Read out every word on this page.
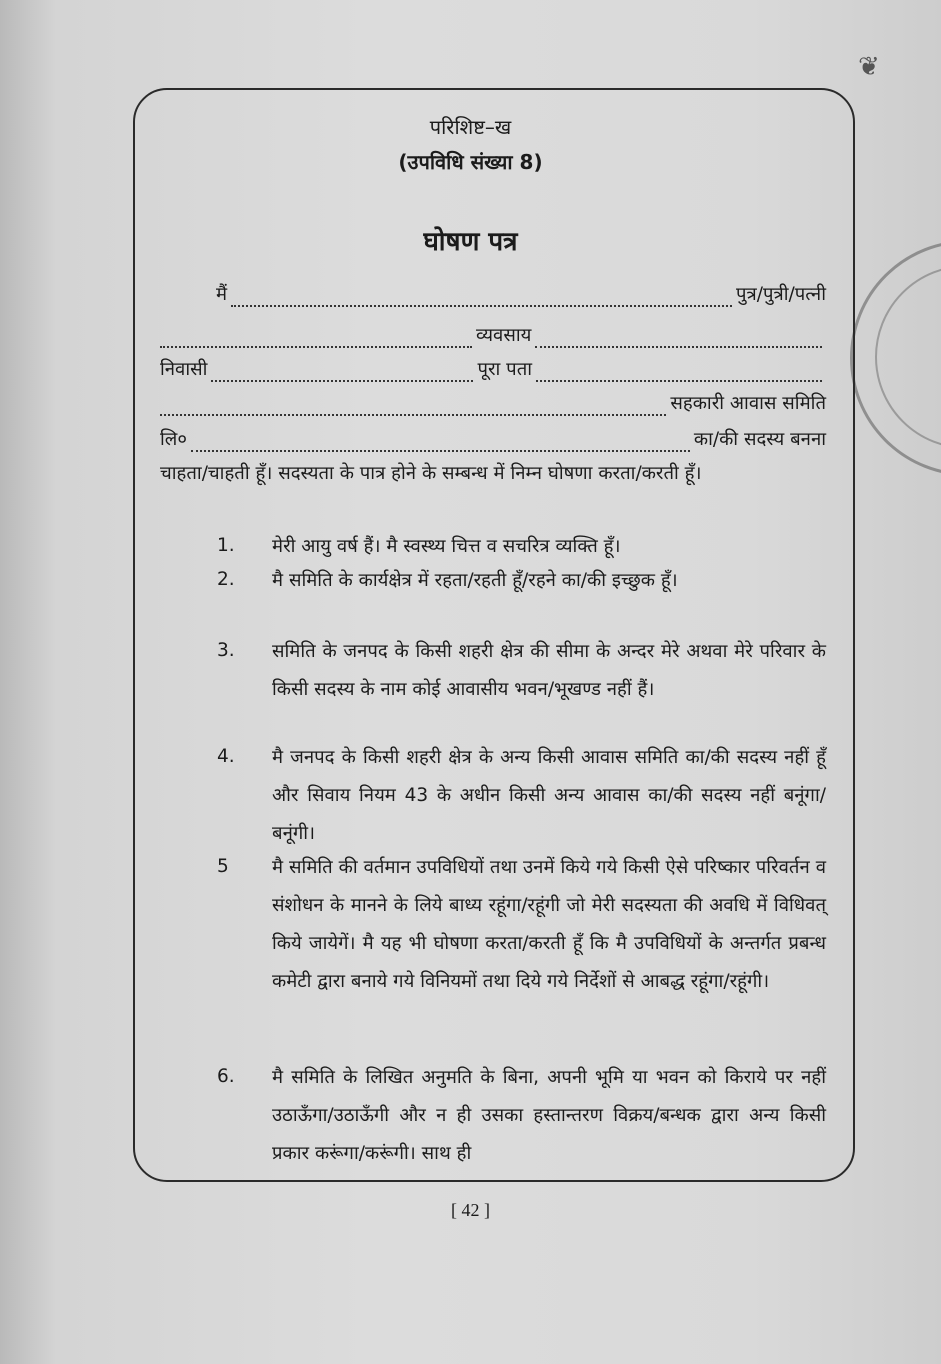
❦
परिशिष्ट–ख
(उपविधि संख्या 8)
घोषण पत्र
मैं	पुत्र/पुत्री/पत्नी
व्यवसाय
निवासी	पूरा पता
सहकारी आवास समिति
लि०	का/की सदस्य बनना
चाहता/चाहती हूँ। सदस्यता के पात्र होने के सम्बन्ध में निम्न घोषणा करता/करती हूँ।
1.	मेरी आयु वर्ष हैं। मै स्वस्थ्य चित्त व सचरित्र व्यक्ति हूँ।
2.	मै समिति के कार्यक्षेत्र में रहता/रहती हूँ/रहने का/की इच्छुक हूँ।
3.	समिति के जनपद के किसी शहरी क्षेत्र की सीमा के अन्दर मेरे अथवा मेरे परिवार के किसी सदस्य के नाम कोई आवासीय भवन/भूखण्ड नहीं हैं।
4.	मै जनपद के किसी शहरी क्षेत्र के अन्य किसी आवास समिति का/की सदस्य नहीं हूँ और सिवाय नियम 43 के अधीन किसी अन्य आवास का/की सदस्य नहीं बनूंगा/बनूंगी।
5	मै समिति की वर्तमान उपविधियों तथा उनमें किये गये किसी ऐसे परिष्कार परिवर्तन व संशोधन के मानने के लिये बाध्य रहूंगा/रहूंगी जो मेरी सदस्यता की अवधि में विधिवत् किये जायेगें। मै यह भी घोषणा करता/करती हूँ कि मै उपविधियों के अन्तर्गत प्रबन्ध कमेटी द्वारा बनाये गये विनियमों तथा दिये गये निर्देशों से आबद्ध रहूंगा/रहूंगी।
6.	मै समिति के लिखित अनुमति के बिना, अपनी भूमि या भवन को किराये पर नहीं उठाऊँगा/उठाऊँगी और न ही उसका हस्तान्तरण विक्रय/बन्धक द्वारा अन्य किसी प्रकार करूंगा/करूंगी। साथ ही
[ 42 ]
